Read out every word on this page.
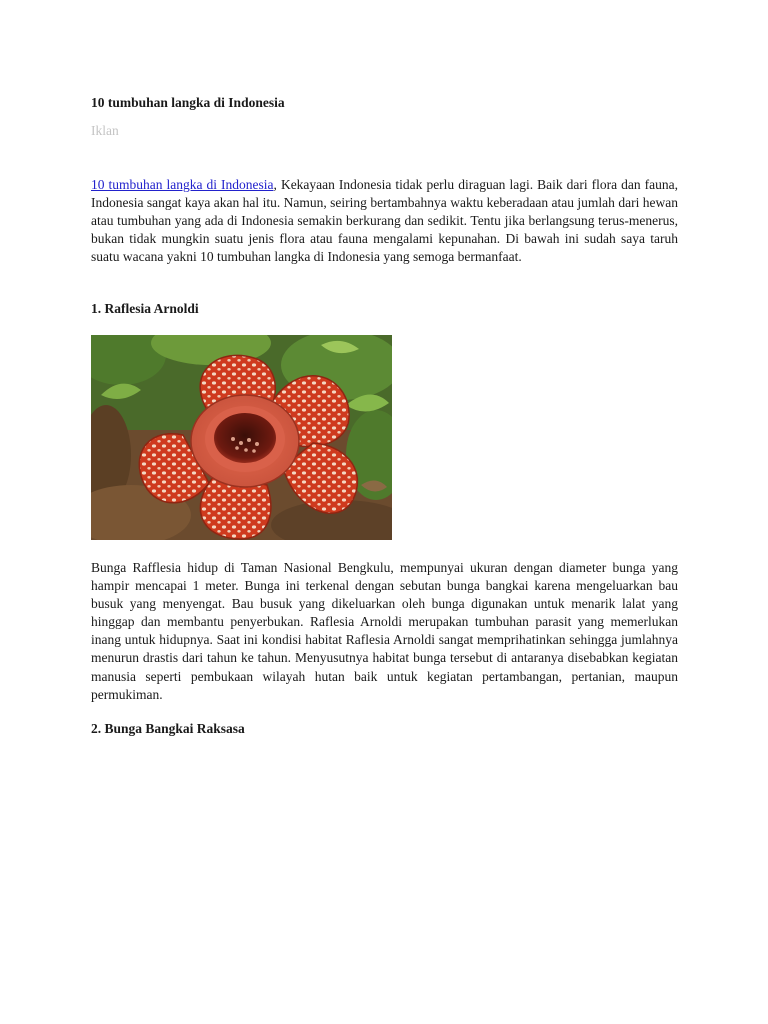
10 tumbuhan langka di Indonesia
Iklan

10 tumbuhan langka di Indonesia, Kekayaan Indonesia tidak perlu diraguan lagi. Baik dari flora dan fauna, Indonesia sangat kaya akan hal itu. Namun, seiring bertambahnya waktu keberadaan atau jumlah dari hewan atau tumbuhan yang ada di Indonesia semakin berkurang dan sedikit. Tentu jika berlangsung terus-menerus, bukan tidak mungkin suatu jenis flora atau fauna mengalami kepunahan. Di bawah ini sudah saya taruh suatu wacana yakni 10 tumbuhan langka di Indonesia yang semoga bermanfaat.

1. Raflesia Arnoldi

Bunga Rafflesia hidup di Taman Nasional Bengkulu, mempunyai ukuran dengan diameter bunga yang hampir mencapai 1 meter. Bunga ini terkenal dengan sebutan bunga bangkai karena mengeluarkan bau busuk yang menyengat. Bau busuk yang dikeluarkan oleh bunga digunakan untuk menarik lalat yang hinggap dan membantu penyerbukan. Raflesia Arnoldi merupakan tumbuhan parasit yang memerlukan inang untuk hidupnya. Saat ini kondisi habitat Raflesia Arnoldi sangat memprihatinkan sehingga jumlahnya menurun drastis dari tahun ke tahun. Menyusutnya habitat bunga tersebut di antaranya disebabkan kegiatan manusia seperti pembukaan wilayah hutan baik untuk kegiatan pertambangan, pertanian, maupun permukiman.

2. Bunga Bangkai Raksasa
